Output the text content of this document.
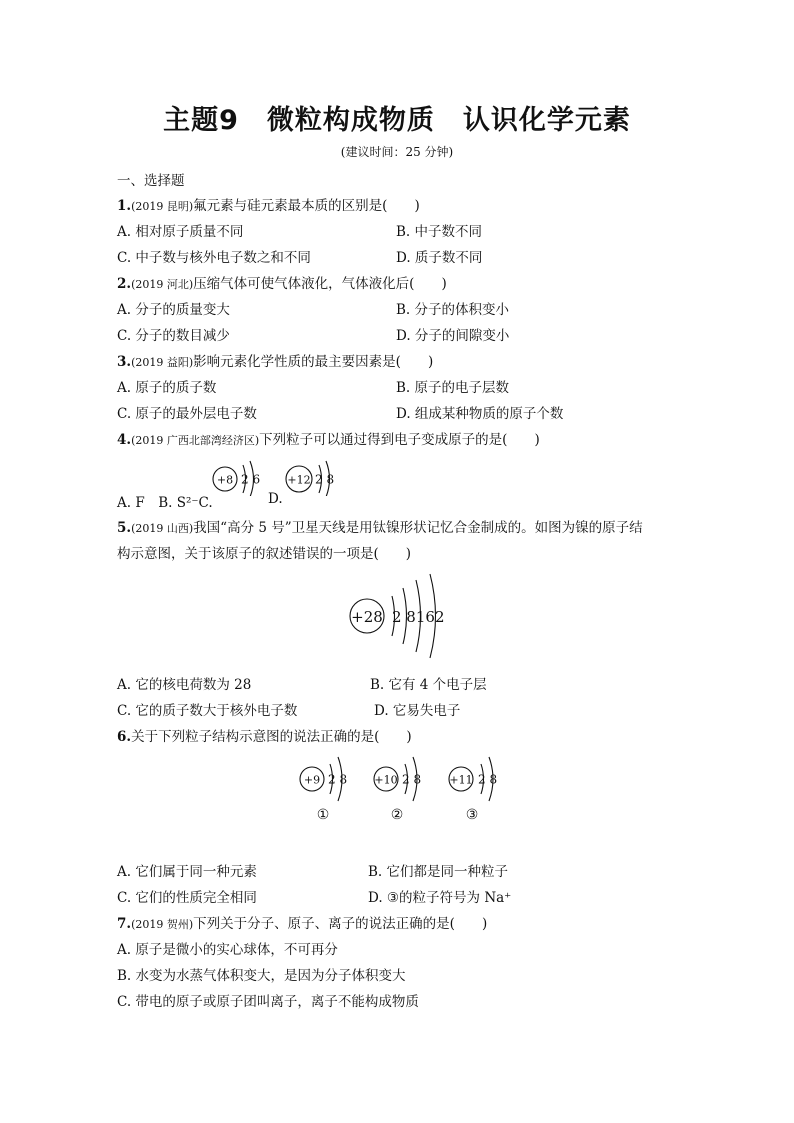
主题9　微粒构成物质　认识化学元素
(建议时间：25 分钟)
一、选择题
1.(2019 昆明)氟元素与硅元素最本质的区别是(　　)
A. 相对原子质量不同	B. 中子数不同
C. 中子数与核外电子数之和不同	D. 质子数不同
2.(2019 河北)压缩气体可使气体液化，气体液化后(　　)
A. 分子的质量变大	B. 分子的体积变小
C. 分子的数目减少	D. 分子的间隙变小
3.(2019 益阳)影响元素化学性质的最主要因素是(　　)
A. 原子的质子数	B. 原子的电子层数
C. 原子的最外层电子数	D. 组成某种物质的原子个数
4.(2019 广西北部湾经济区)下列粒子可以通过得到电子变成原子的是(　　)
+8 2 6 +12 2 8
A. F　B. S²⁻C.	D.
5.(2019 山西)我国“高分 5 号”卫星天线是用钛镍形状记忆合金制成的。如图为镍的原子结
构示意图，关于该原子的叙述错误的一项是(　　)
+28 2 8162
A. 它的核电荷数为 28	B. 它有 4 个电子层
C. 它的质子数大于核外电子数	D. 它易失电子
6.关于下列粒子结构示意图的说法正确的是(　　)
+9 2 8
①
+10 2 8
②
+11 2 8
③
A. 它们属于同一种元素	B. 它们都是同一种粒子
C. 它们的性质完全相同	D. ③的粒子符号为 Na⁺
7.(2019 贺州)下列关于分子、原子、离子的说法正确的是(　　)
A. 原子是微小的实心球体，不可再分
B. 水变为水蒸气体积变大，是因为分子体积变大
C. 带电的原子或原子团叫离子，离子不能构成物质
